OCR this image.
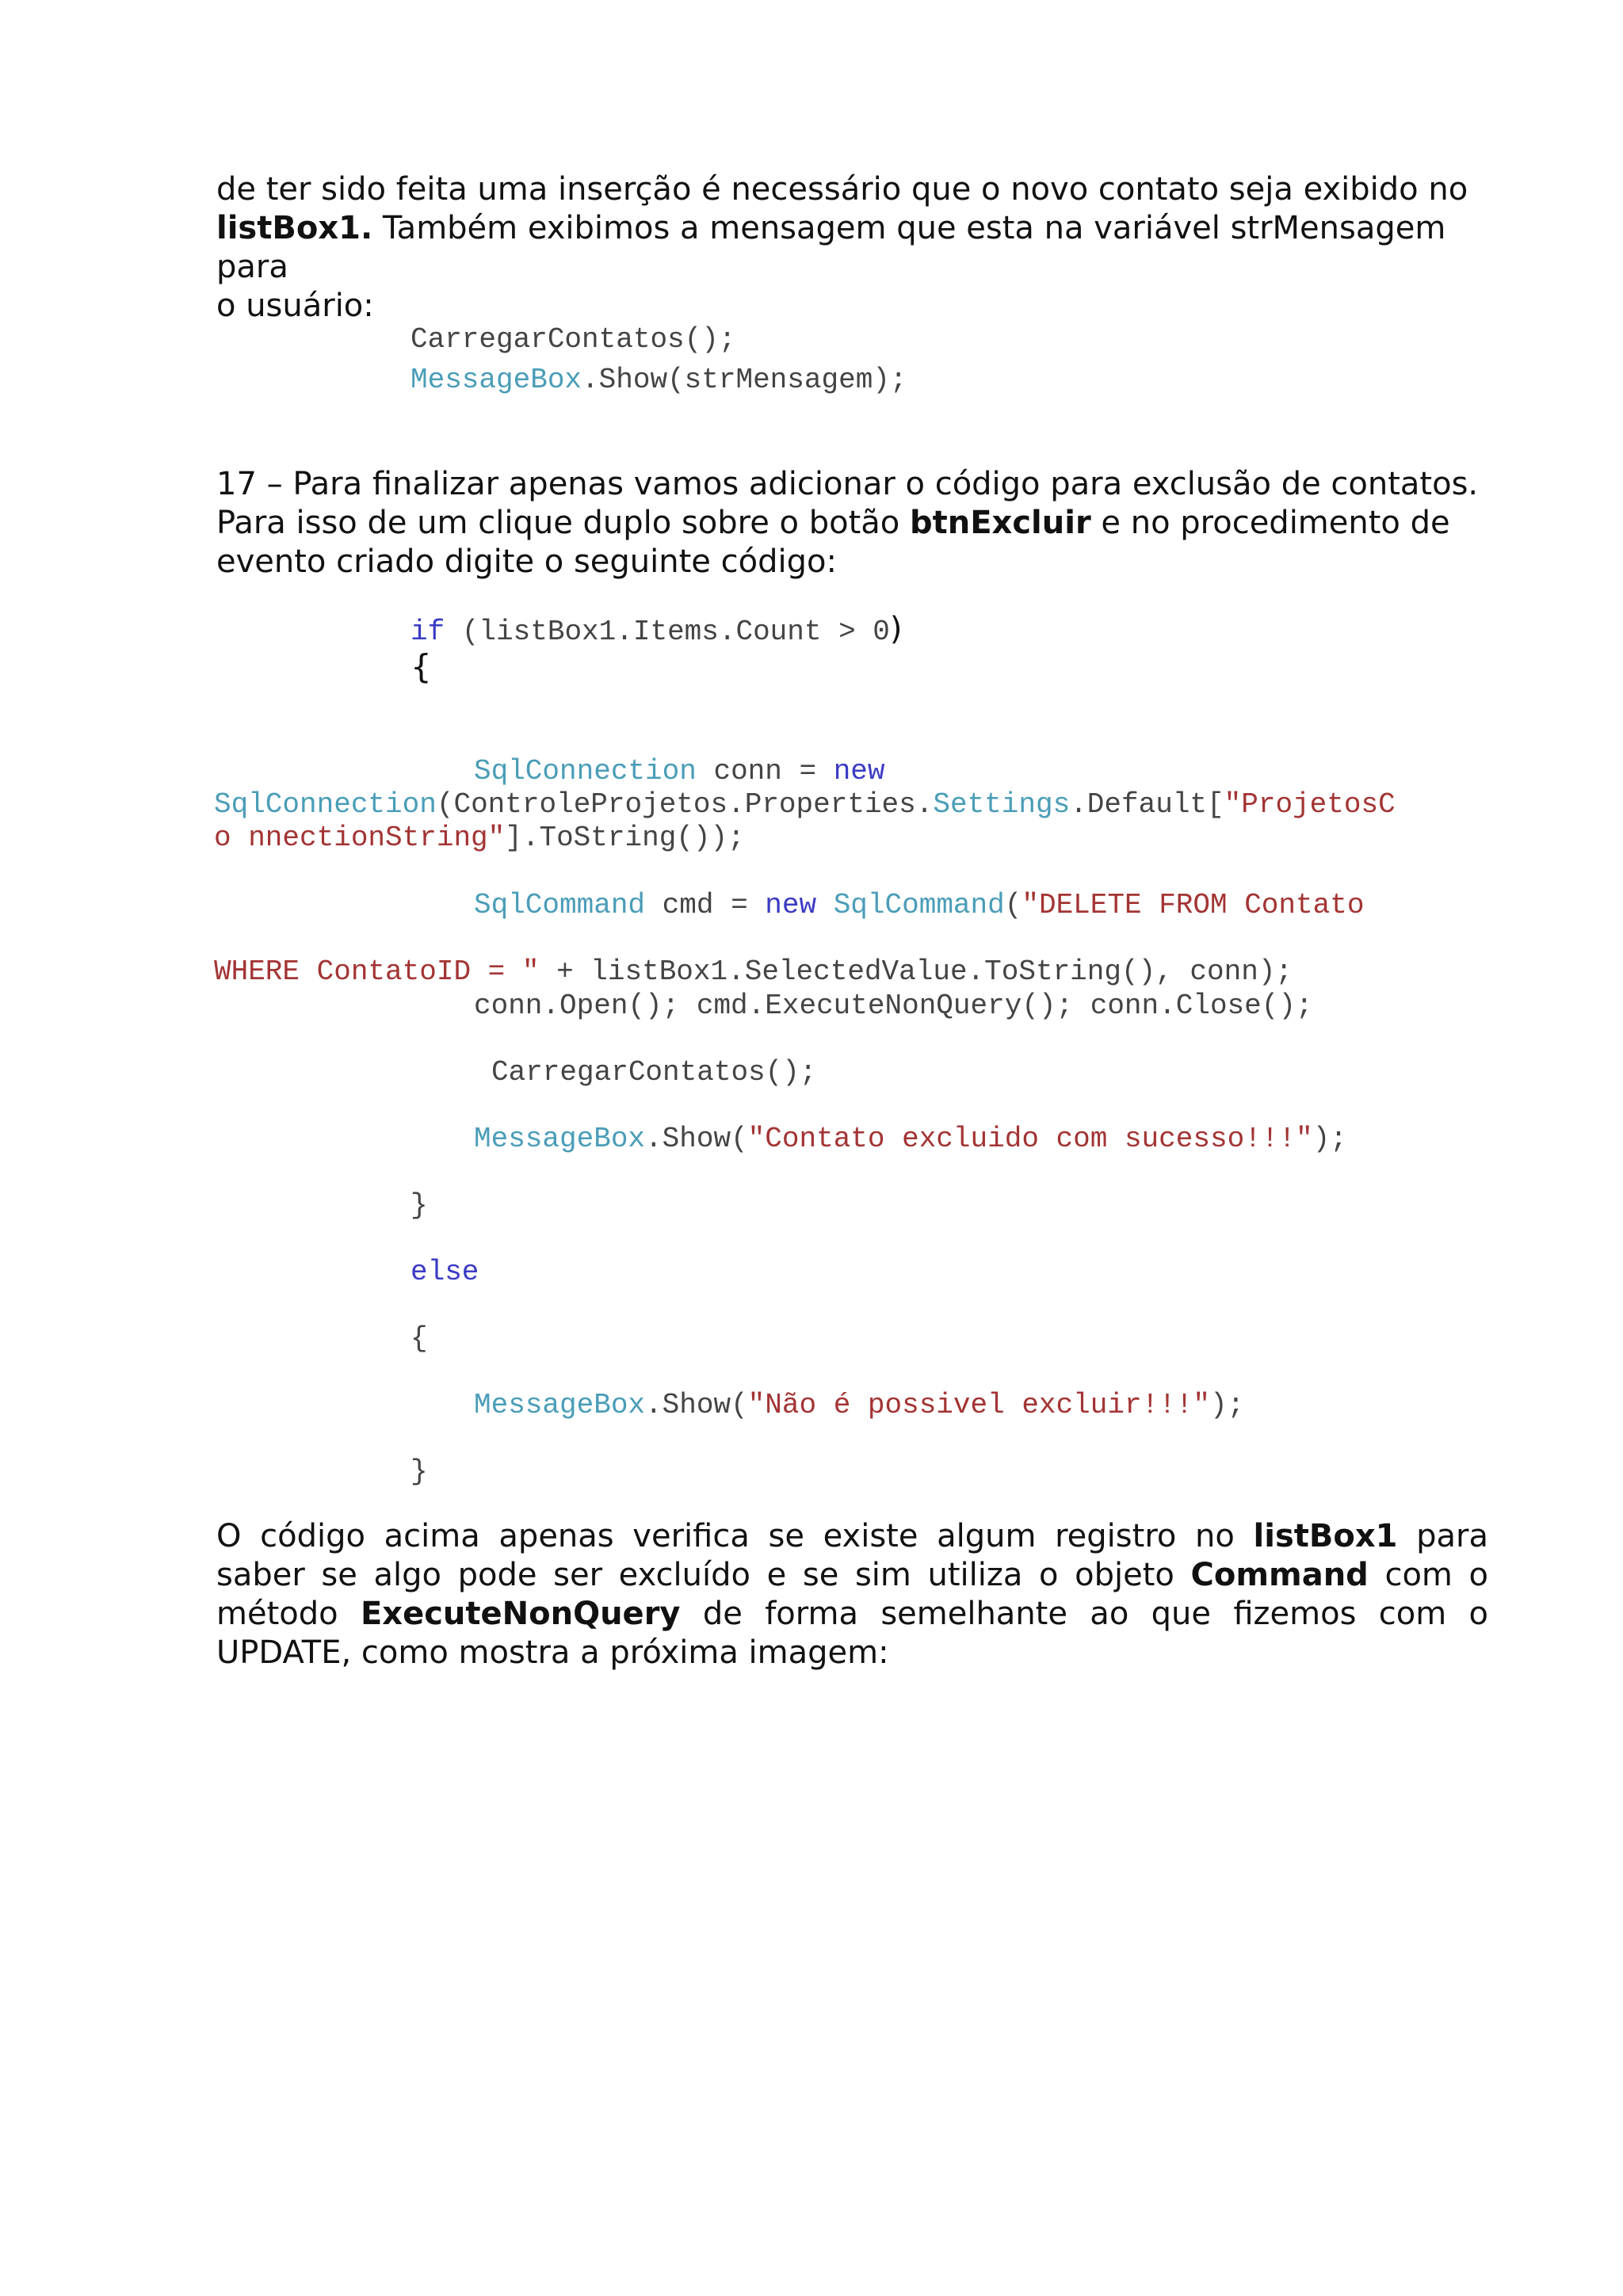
de ter sido feita uma inserção é necessário que o novo contato seja exibido no

listBox1. Também exibimos a mensagem que esta na variável strMensagem para

o usuário:

CarregarContatos();
MessageBox.Show(strMensagem);

17 – Para finalizar apenas vamos adicionar o código para exclusão de contatos.

Para isso de um clique duplo sobre o botão btnExcluir e no procedimento de

evento criado digite o seguinte código:

if (listBox1.Items.Count > 0)
{
SqlConnection conn = new
SqlConnection(ControleProjetos.Properties.Settings.Default["ProjetosC
o nnectionString"].ToString());
SqlCommand cmd = new SqlCommand("DELETE FROM Contato
WHERE ContatoID = " + listBox1.SelectedValue.ToString(), conn);
conn.Open(); cmd.ExecuteNonQuery(); conn.Close();
CarregarContatos();
MessageBox.Show("Contato excluido com sucesso!!!");
}
else
{
MessageBox.Show("Não é possivel excluir!!!");
}

O código acima apenas verifica se existe algum registro no listBox1 para saber se algo pode ser excluído e se sim utiliza o objeto Command com o método ExecuteNonQuery de forma semelhante ao que fizemos com o UPDATE, como mostra a próxima imagem:
